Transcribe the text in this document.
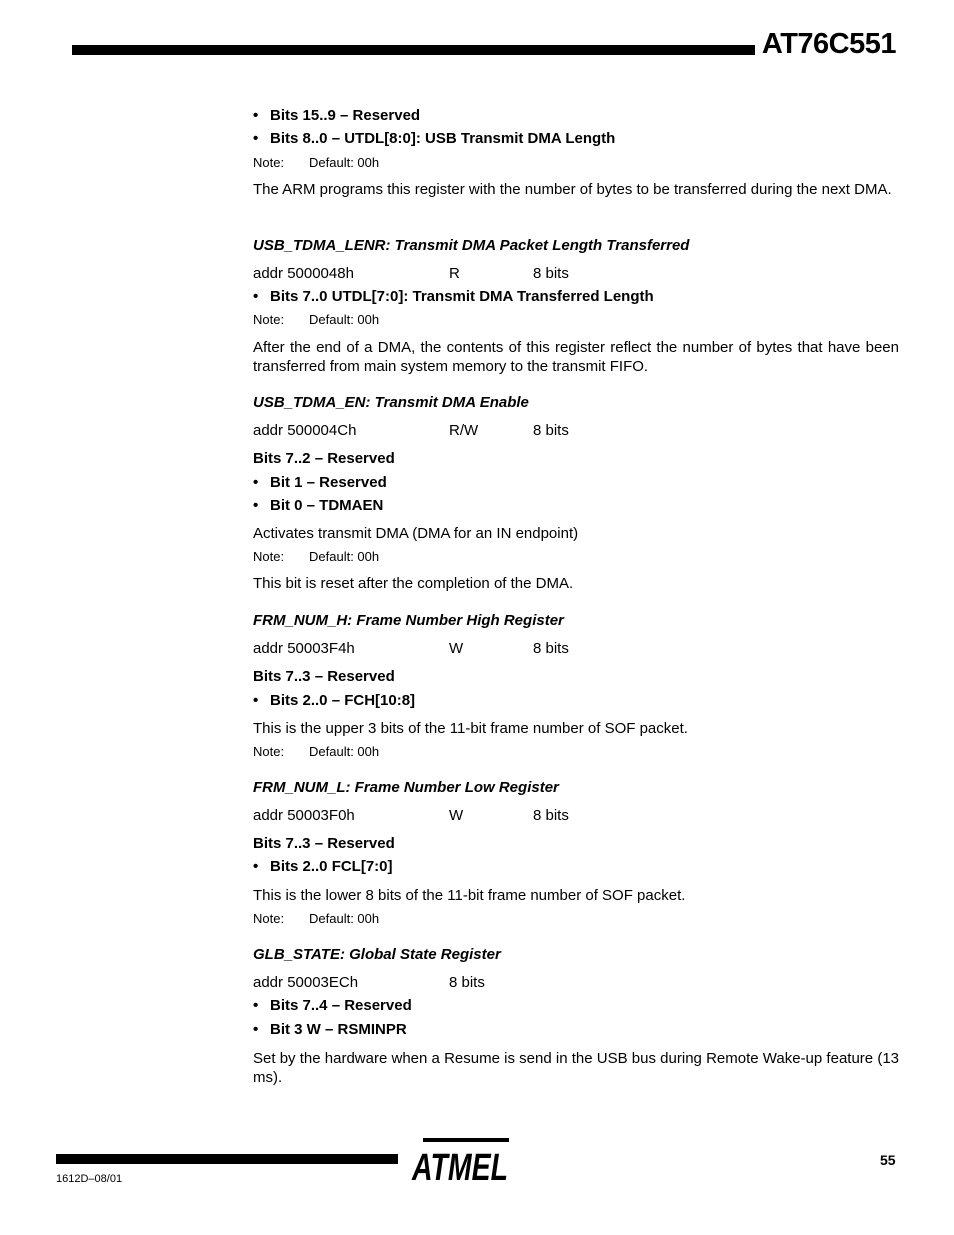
AT76C551
• Bits 15..9 – Reserved
• Bits 8..0 – UTDL[8:0]: USB Transmit DMA Length
Note: Default: 00h
The ARM programs this register with the number of bytes to be transferred during the next DMA.
USB_TDMA_LENR: Transmit DMA Packet Length Transferred
addr 5000048h	R	8 bits
• Bits 7..0 UTDL[7:0]: Transmit DMA Transferred Length
Note: Default: 00h
After the end of a DMA, the contents of this register reflect the number of bytes that have been transferred from main system memory to the transmit FIFO.
USB_TDMA_EN: Transmit DMA Enable
addr 500004Ch	R/W	8 bits
Bits 7..2 – Reserved
• Bit 1 – Reserved
• Bit 0 – TDMAEN
Activates transmit DMA (DMA for an IN endpoint)
Note: Default: 00h
This bit is reset after the completion of the DMA.
FRM_NUM_H: Frame Number High Register
addr 50003F4h	W	8 bits
Bits 7..3 – Reserved
• Bits 2..0 – FCH[10:8]
This is the upper 3 bits of the 11-bit frame number of SOF packet.
Note: Default: 00h
FRM_NUM_L: Frame Number Low Register
addr 50003F0h	W	8 bits
Bits 7..3 – Reserved
• Bits 2..0 FCL[7:0]
This is the lower 8 bits of the 11-bit frame number of SOF packet.
Note: Default: 00h
GLB_STATE: Global State Register
addr 50003ECh	8 bits
• Bits 7..4 – Reserved
• Bit 3 W – RSMINPR
Set by the hardware when a Resume is send in the USB bus during Remote Wake-up feature (13 ms).
ATMEL	55
1612D–08/01
